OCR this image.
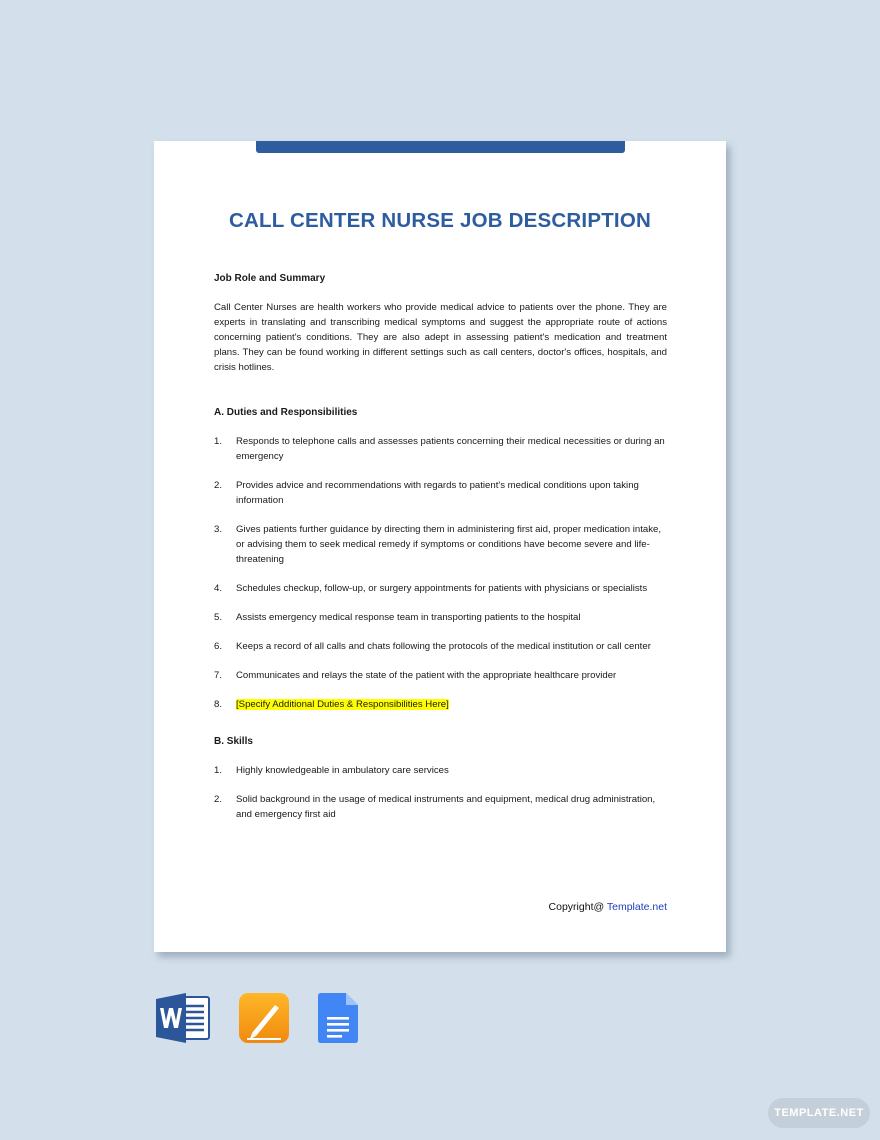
CALL CENTER NURSE JOB DESCRIPTION

Job Role and Summary

Call Center Nurses are health workers who provide medical advice to patients over the phone. They are experts in translating and transcribing medical symptoms and suggest the appropriate route of actions concerning patient's conditions. They are also adept in assessing patient's medication and treatment plans. They can be found working in different settings such as call centers, doctor's offices, hospitals, and crisis hotlines.

A. Duties and Responsibilities

1.	Responds to telephone calls and assesses patients concerning their medical necessities or during an emergency
2.	Provides advice and recommendations with regards to patient's medical conditions upon taking information
3.	Gives patients further guidance by directing them in administering first aid, proper medication intake, or advising them to seek medical remedy if symptoms or conditions have become severe and life-threatening
4.	Schedules checkup, follow-up, or surgery appointments for patients with physicians or specialists
5.	Assists emergency medical response team in transporting patients to the hospital
6.	Keeps a record of all calls and chats following the protocols of the medical institution or call center
7.	Communicates and relays the state of the patient with the appropriate healthcare provider
8.	[Specify Additional Duties & Responsibilities Here]

B. Skills

1.	Highly knowledgeable in ambulatory care services
2.	Solid background in the usage of medical instruments and equipment, medical drug administration, and emergency first aid
Copyright@ Template.net
TEMPLATE.NET
